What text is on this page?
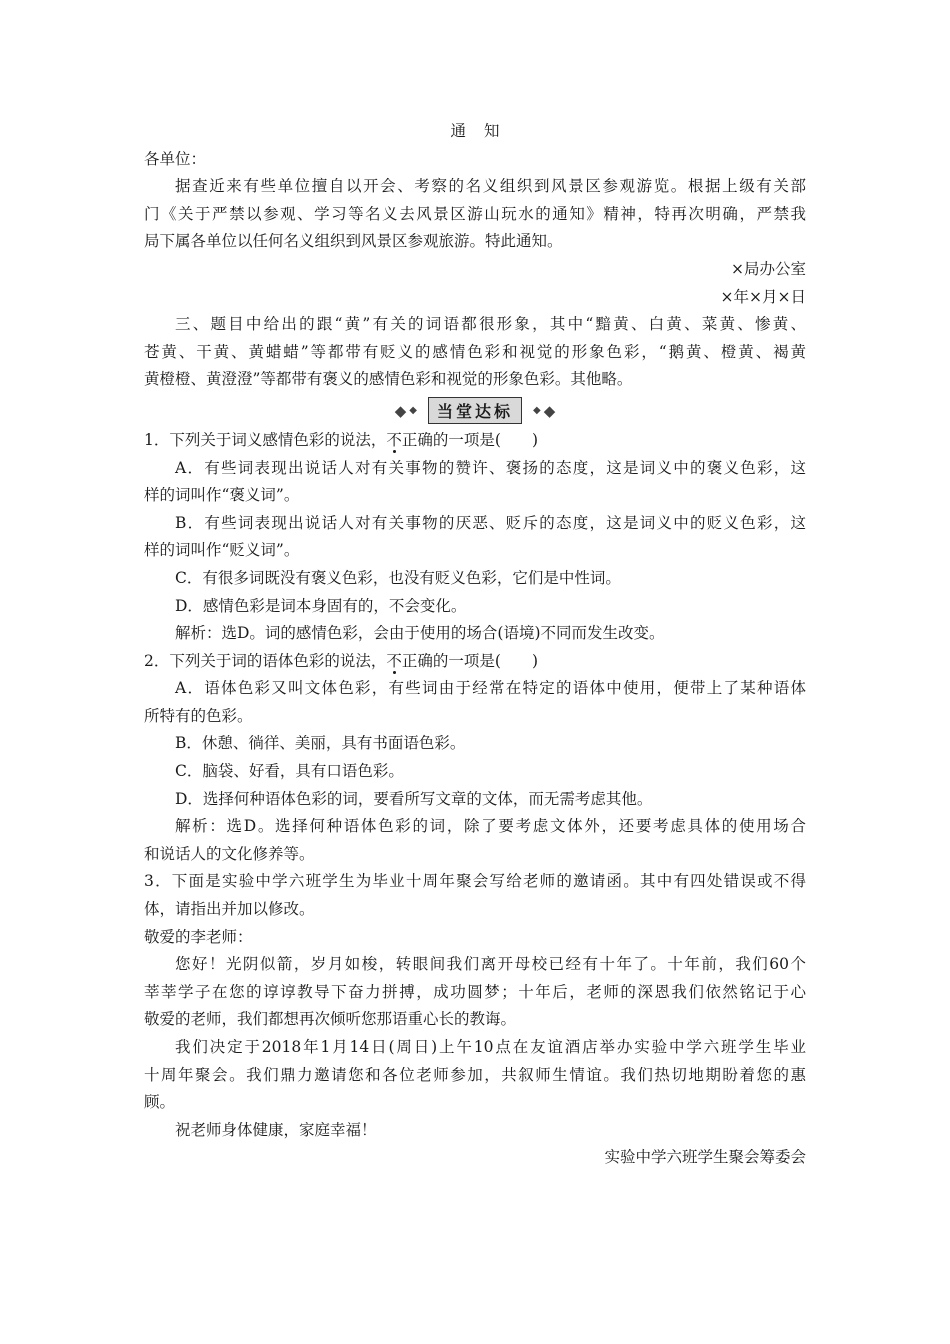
通知
各单位：
据查近来有些单位擅自以开会、考察的名义组织到风景区参观游览。根据上级有关部
门《关于严禁以参观、学习等名义去风景区游山玩水的通知》精神，特再次明确，严禁我
局下属各单位以任何名义组织到风景区参观旅游。特此通知。
×局办公室
×年×月×日
三、题目中给出的跟“黄”有关的词语都很形象，其中“黯黄、白黄、菜黄、惨黄、
苍黄、干黄、黄蜡蜡”等都带有贬义的感情色彩和视觉的形象色彩，“鹅黄、橙黄、褐黄
黄橙橙、黄澄澄”等都带有褒义的感情色彩和视觉的形象色彩。其他略。
◆ ◆	当堂达标	◆ ◆
1．下列关于词义感情色彩的说法，不正确的一项是(　　)
A．有些词表现出说话人对有关事物的赞许、褒扬的态度，这是词义中的褒义色彩，这
样的词叫作“褒义词”。
B．有些词表现出说话人对有关事物的厌恶、贬斥的态度，这是词义中的贬义色彩，这
样的词叫作“贬义词”。
C．有很多词既没有褒义色彩，也没有贬义色彩，它们是中性词。
D．感情色彩是词本身固有的，不会变化。
解析：选D。词的感情色彩，会由于使用的场合(语境)不同而发生改变。
2．下列关于词的语体色彩的说法，不正确的一项是(　　)
A．语体色彩又叫文体色彩，有些词由于经常在特定的语体中使用，便带上了某种语体
所特有的色彩。
B．休憩、徜徉、美丽，具有书面语色彩。
C．脑袋、好看，具有口语色彩。
D．选择何种语体色彩的词，要看所写文章的文体，而无需考虑其他。
解析：选D。选择何种语体色彩的词，除了要考虑文体外，还要考虑具体的使用场合
和说话人的文化修养等。
3．下面是实验中学六班学生为毕业十周年聚会写给老师的邀请函。其中有四处错误或不得
体，请指出并加以修改。
敬爱的李老师：
您好！光阴似箭，岁月如梭，转眼间我们离开母校已经有十年了。十年前，我们60个
莘莘学子在您的谆谆教导下奋力拼搏，成功圆梦；十年后，老师的深恩我们依然铭记于心
敬爱的老师，我们都想再次倾听您那语重心长的教诲。
我们决定于2018年1月14日(周日)上午10点在友谊酒店举办实验中学六班学生毕业
十周年聚会。我们鼎力邀请您和各位老师参加，共叙师生情谊。我们热切地期盼着您的惠
顾。
祝老师身体健康，家庭幸福！
实验中学六班学生聚会筹委会
